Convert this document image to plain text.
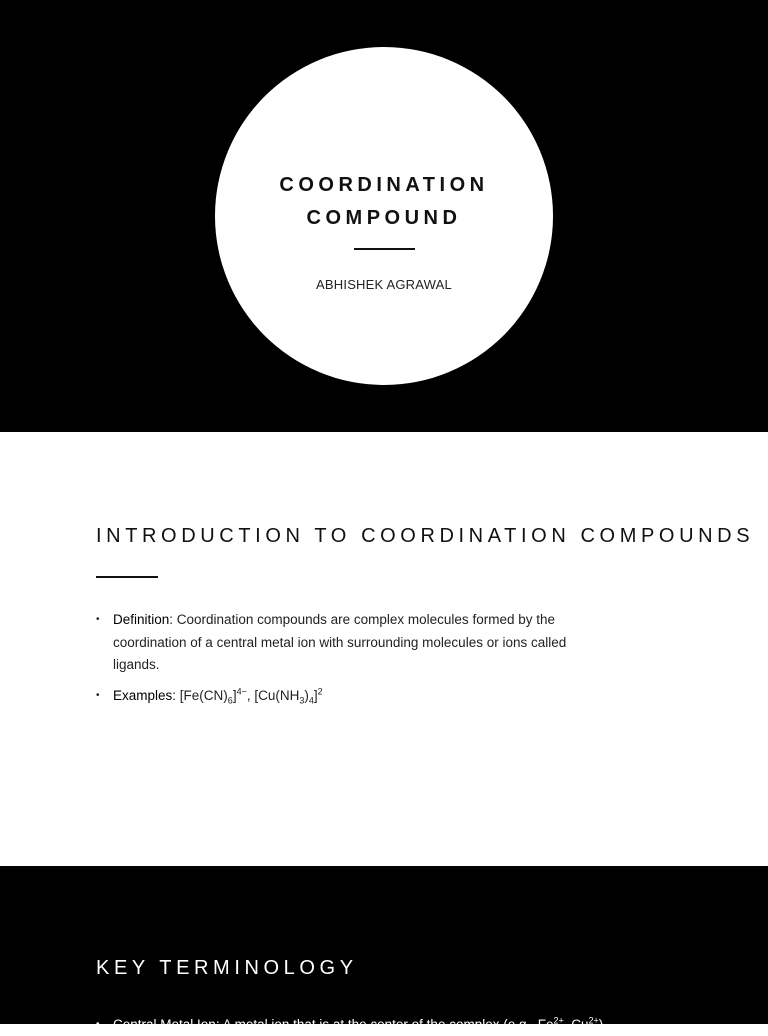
COORDINATION
COMPOUND
ABHISHEK AGRAWAL
INTRODUCTION TO COORDINATION COMPOUNDS
• Definition: Coordination compounds are complex molecules formed by the coordination of a central metal ion with surrounding molecules or ions called ligands.
• Examples: $[Fe(CN)_6]^{4-}$, $[Cu(NH_3)_4]^2$
KEY TERMINOLOGY
• Central Metal Ion: A metal ion that is at the center of the complex (e.g., $Fe^{2+}$, $Cu^{2+}$).
